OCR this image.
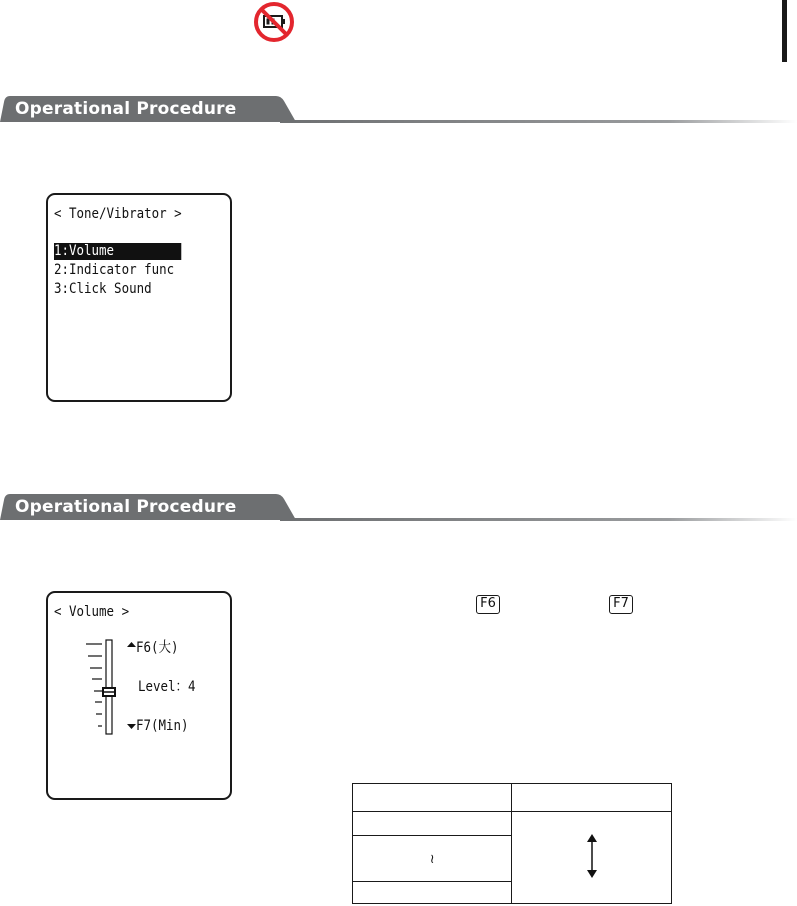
Operational Procedure
< Tone/Vibrator >
1:Volume
2:Indicator func
3:Click Sound
Operational Procedure
< Volume >
F6(大)
Level：4
F7(Min)
F6	F7

≀	
